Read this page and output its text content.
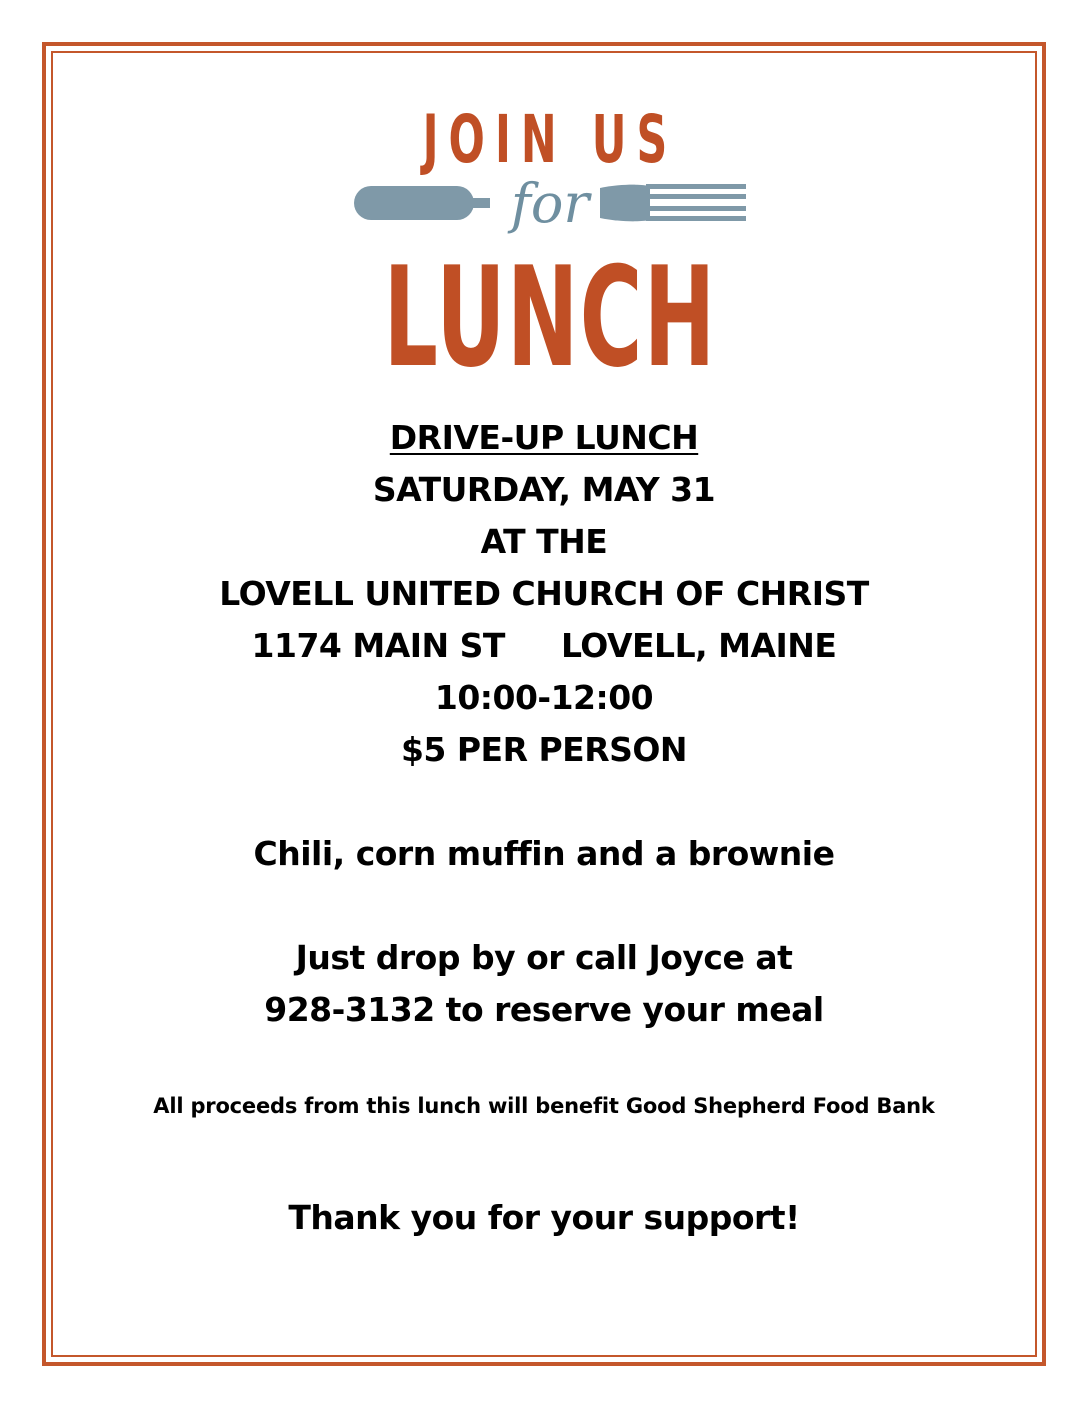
JOIN US
for
LUNCH
DRIVE-UP LUNCH
SATURDAY, MAY 31
AT THE
LOVELL UNITED CHURCH OF CHRIST
1174 MAIN ST LOVELL, MAINE
10:00-12:00
$5 PER PERSON
Chili, corn muffin and a brownie
Just drop by or call Joyce at
928-3132 to reserve your meal
All proceeds from this lunch will benefit Good Shepherd Food Bank
Thank you for your support!
